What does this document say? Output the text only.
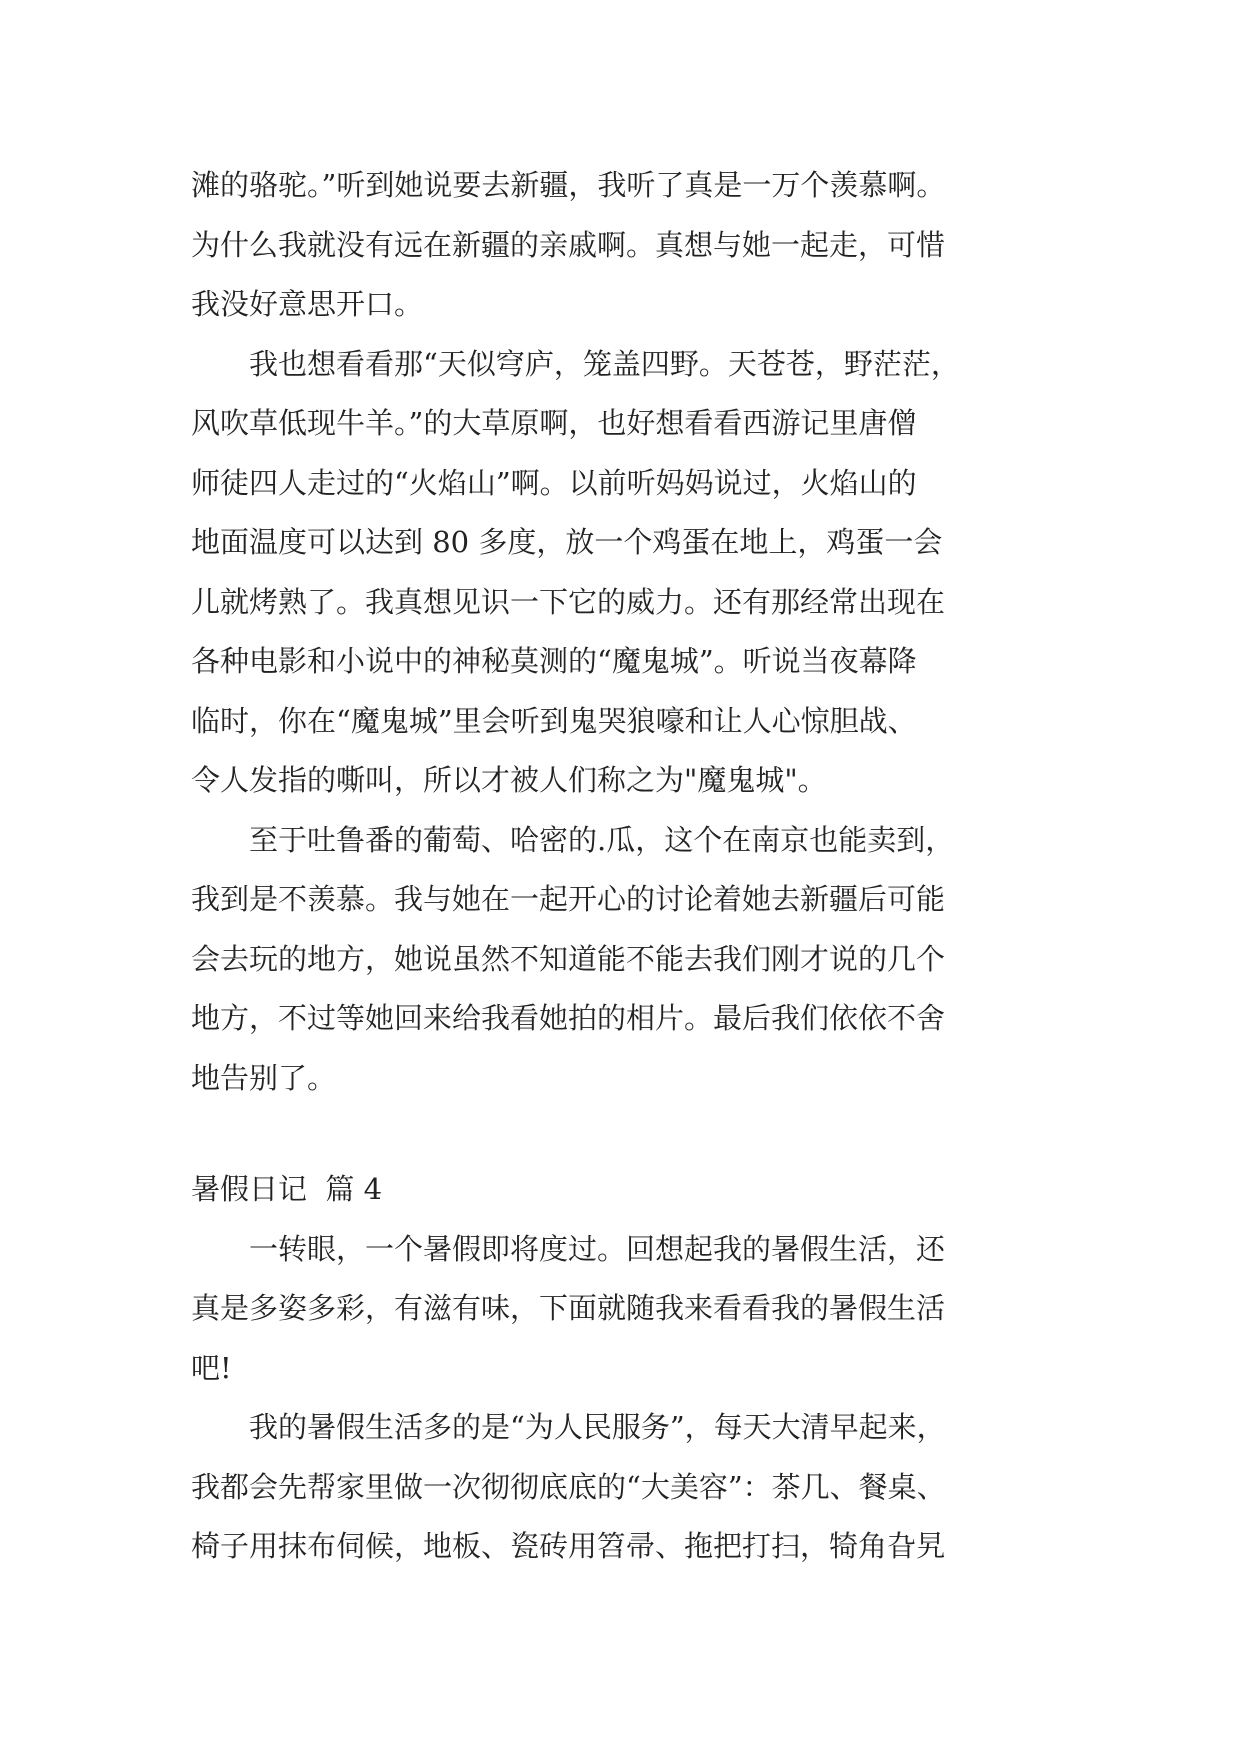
滩的骆驼。”听到她说要去新疆，我听了真是一万个羡慕啊。
为什么我就没有远在新疆的亲戚啊。真想与她一起走，可惜
我没好意思开口。
　　我也想看看那“天似穹庐，笼盖四野。天苍苍，野茫茫，
风吹草低现牛羊。”的大草原啊，也好想看看西游记里唐僧
师徒四人走过的“火焰山”啊。以前听妈妈说过，火焰山的
地面温度可以达到 80 多度，放一个鸡蛋在地上，鸡蛋一会
儿就烤熟了。我真想见识一下它的威力。还有那经常出现在
各种电影和小说中的神秘莫测的“魔鬼城”。听说当夜幕降
临时，你在“魔鬼城”里会听到鬼哭狼嚎和让人心惊胆战、
令人发指的嘶叫，所以才被人们称之为"魔鬼城"。
　　至于吐鲁番的葡萄、哈密的.瓜，这个在南京也能卖到，
我到是不羡慕。我与她在一起开心的讨论着她去新疆后可能
会去玩的地方，她说虽然不知道能不能去我们刚才说的几个
地方，不过等她回来给我看她拍的相片。最后我们依依不舍
地告别了。
暑假日记  篇 4
　　一转眼，一个暑假即将度过。回想起我的暑假生活，还
真是多姿多彩，有滋有味，下面就随我来看看我的暑假生活
吧!
　　我的暑假生活多的是“为人民服务”，每天大清早起来，
我都会先帮家里做一次彻彻底底的“大美容”：茶几、餐桌、
椅子用抹布伺候，地板、瓷砖用笤帚、拖把打扫，犄角旮旯
